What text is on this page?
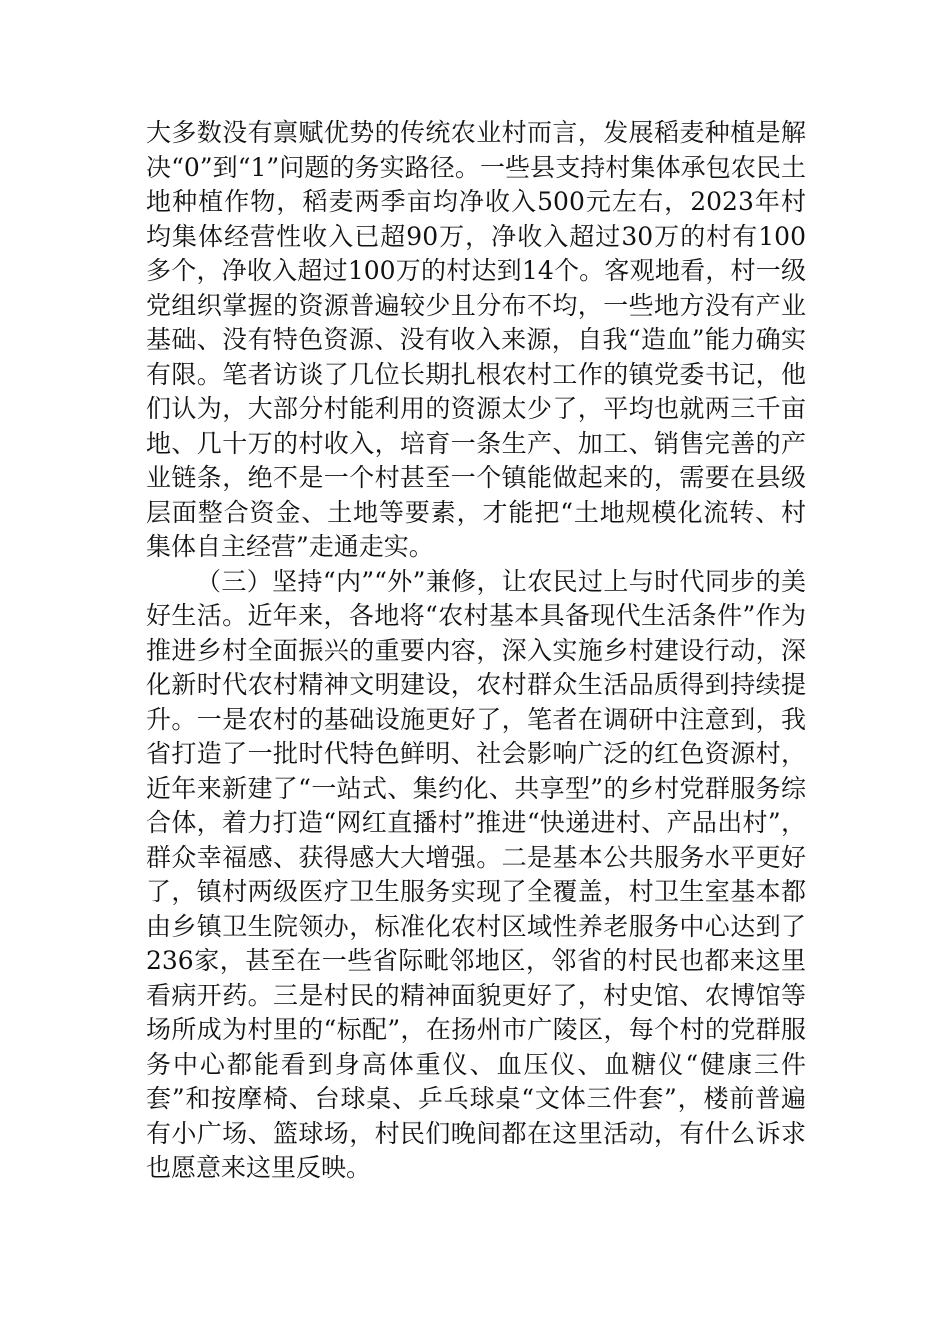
大多数没有禀赋优势的传统农业村而言，发展稻麦种植是解决“0”到“1”问题的务实路径。一些县支持村集体承包农民土地种植作物，稻麦两季亩均净收入500元左右，2023年村均集体经营性收入已超90万，净收入超过30万的村有100多个，净收入超过100万的村达到14个。客观地看，村一级党组织掌握的资源普遍较少且分布不均，一些地方没有产业基础、没有特色资源、没有收入来源，自我“造血”能力确实有限。笔者访谈了几位长期扎根农村工作的镇党委书记，他们认为，大部分村能利用的资源太少了，平均也就两三千亩地、几十万的村收入，培育一条生产、加工、销售完善的产业链条，绝不是一个村甚至一个镇能做起来的，需要在县级层面整合资金、土地等要素，才能把“土地规模化流转、村集体自主经营”走通走实。

（三）坚持“内”“外”兼修，让农民过上与时代同步的美好生活。近年来，各地将“农村基本具备现代生活条件”作为推进乡村全面振兴的重要内容，深入实施乡村建设行动，深化新时代农村精神文明建设，农村群众生活品质得到持续提升。一是农村的基础设施更好了，笔者在调研中注意到，我省打造了一批时代特色鲜明、社会影响广泛的红色资源村，近年来新建了“一站式、集约化、共享型”的乡村党群服务综合体，着力打造“网红直播村”推进“快递进村、产品出村”，群众幸福感、获得感大大增强。二是基本公共服务水平更好了，镇村两级医疗卫生服务实现了全覆盖，村卫生室基本都由乡镇卫生院领办，标准化农村区域性养老服务中心达到了236家，甚至在一些省际毗邻地区，邻省的村民也都来这里看病开药。三是村民的精神面貌更好了，村史馆、农博馆等场所成为村里的“标配”，在扬州市广陵区，每个村的党群服务中心都能看到身高体重仪、血压仪、血糖仪“健康三件套”和按摩椅、台球桌、乒乓球桌“文体三件套”，楼前普遍有小广场、篮球场，村民们晚间都在这里活动，有什么诉求也愿意来这里反映。
